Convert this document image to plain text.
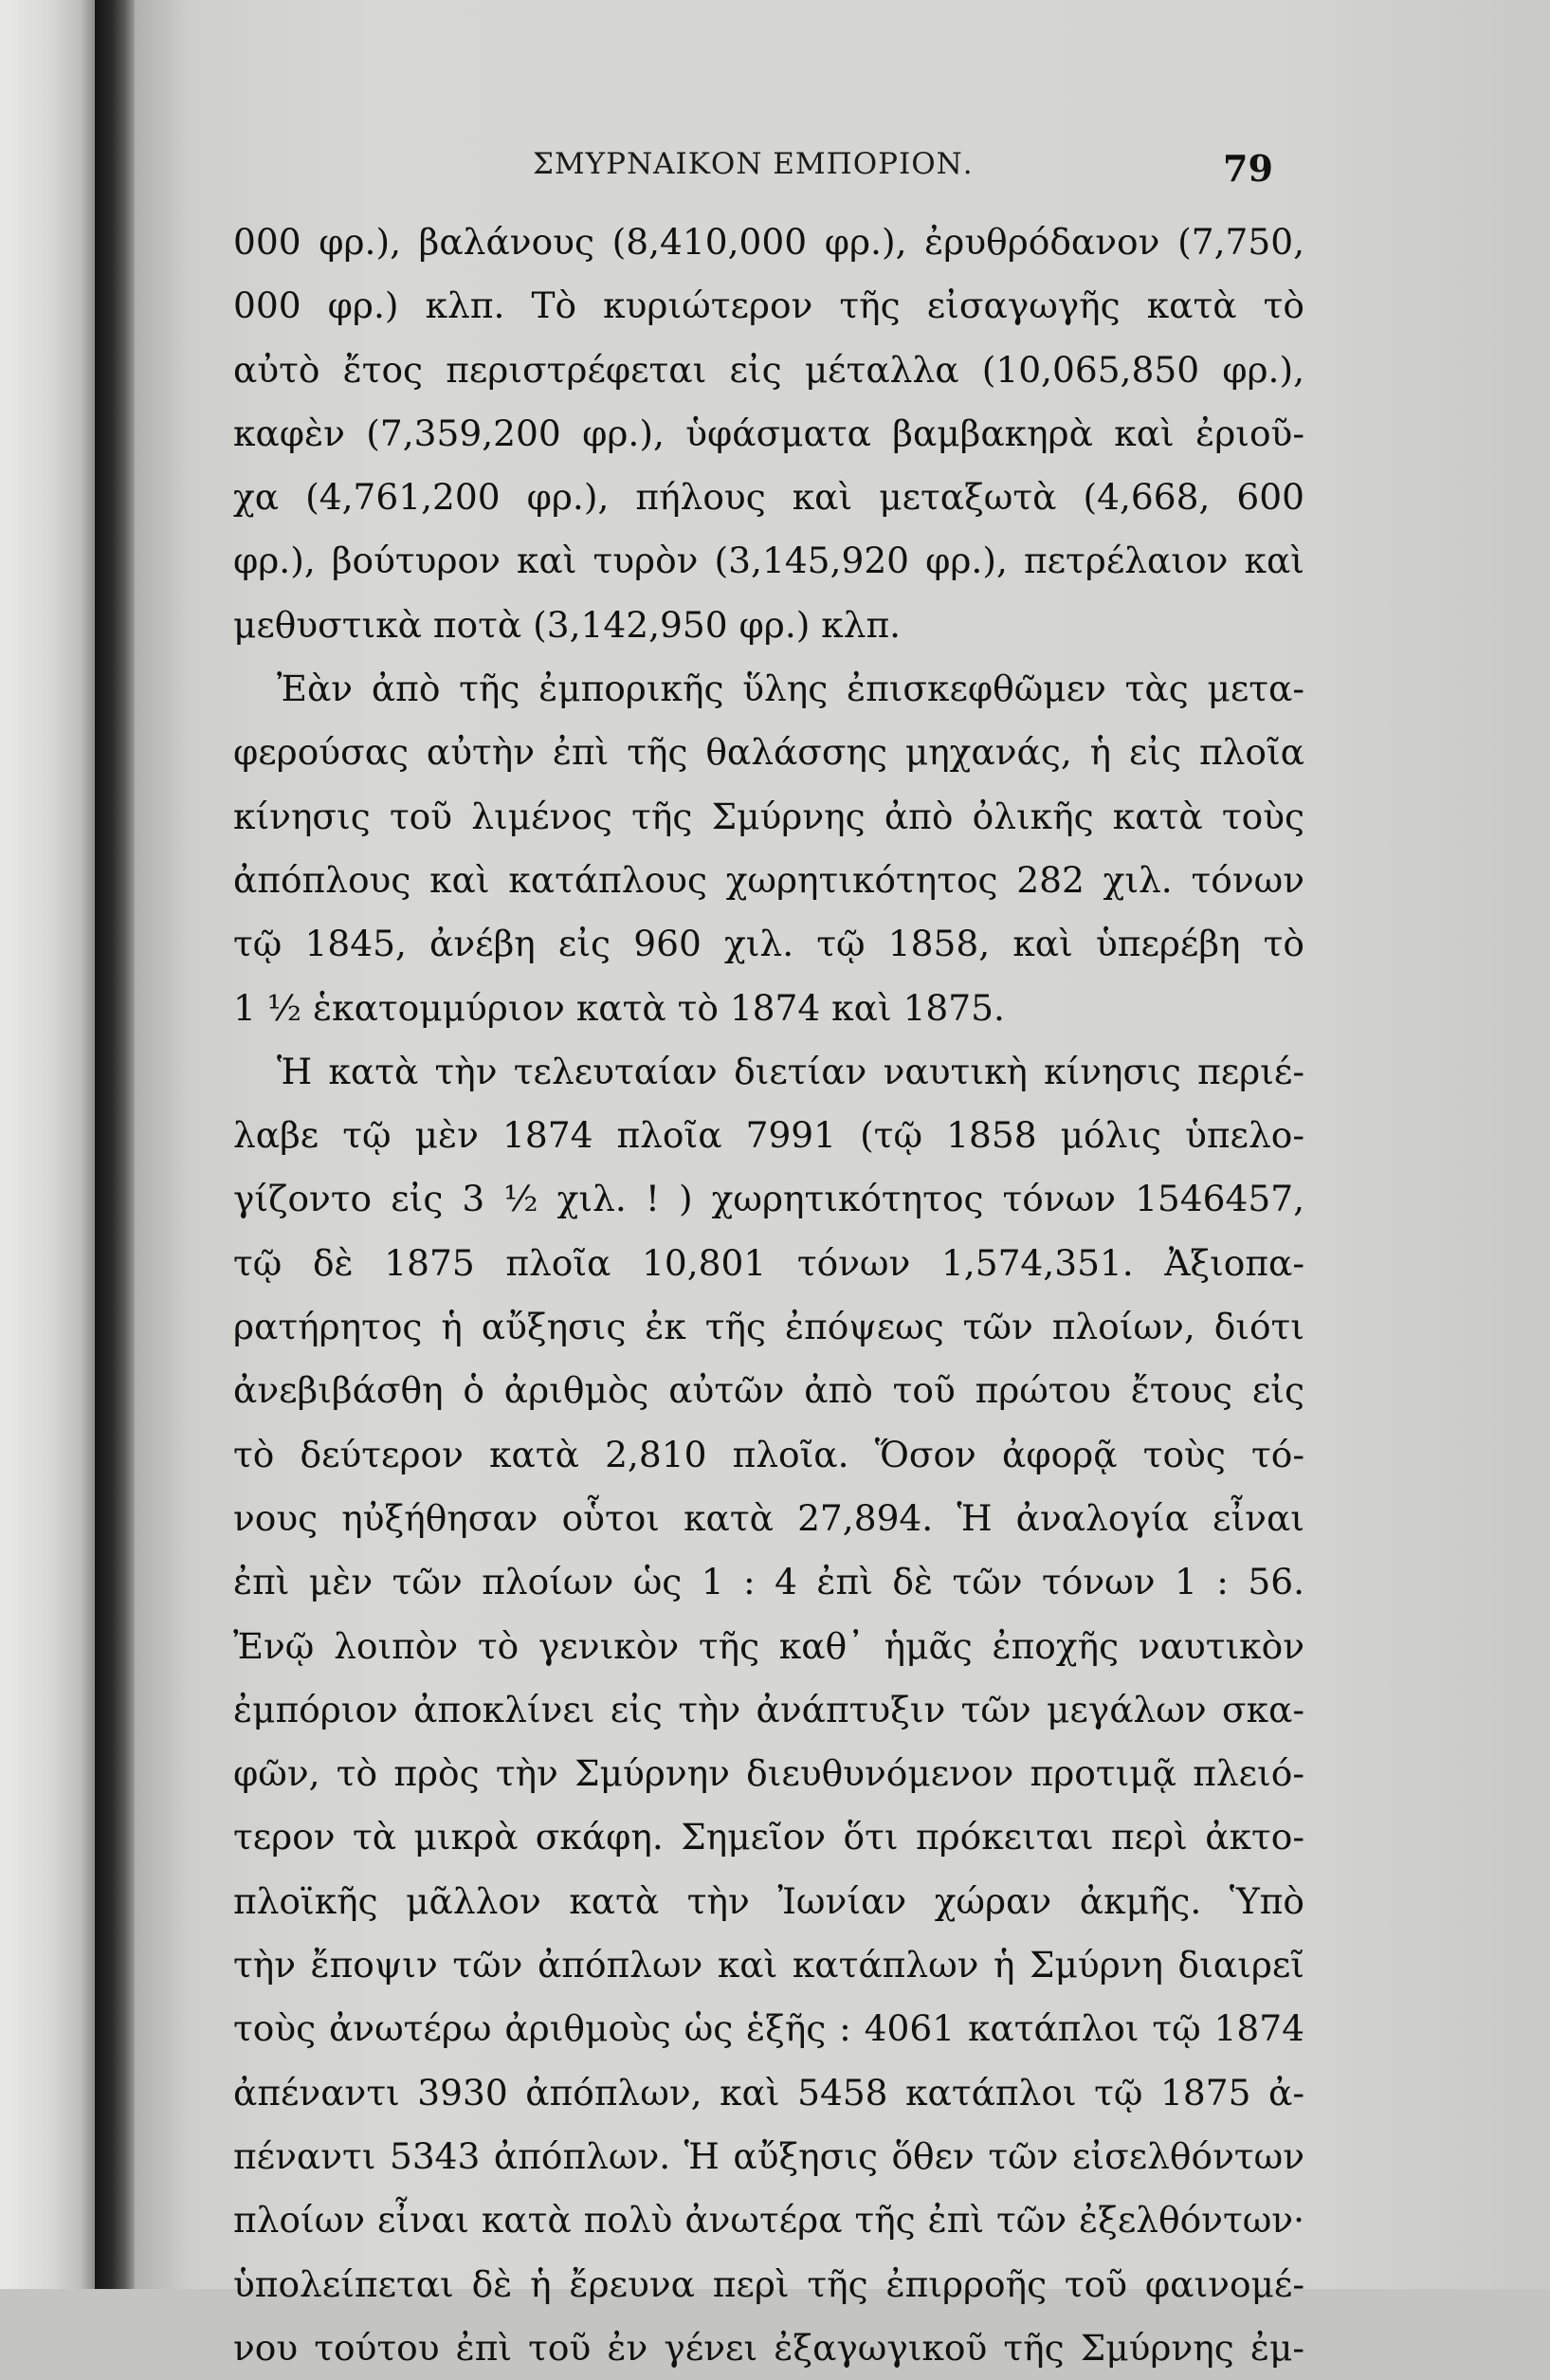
ΣΜΥΡΝΑΙΚΟΝ ΕΜΠΟΡΙΟΝ.	79
000 φρ.), βαλάνους (8,410,000 φρ.), ἐρυθρόδανον (7,750,
000 φρ.) κλπ. Τὸ κυριώτερον τῆς εἰσαγωγῆς κατὰ τὸ
αὐτὸ ἔτος περιστρέφεται εἰς μέταλλα (10,065,850 φρ.),
καφὲν (7,359,200 φρ.), ὑφάσματα βαμβακηρὰ καὶ ἐριοῦ-
χα (4,761,200 φρ.), πήλους καὶ μεταξωτὰ (4,668, 600
φρ.), βούτυρον καὶ τυρὸν (3,145,920 φρ.), πετρέλαιον καὶ
μεθυστικὰ ποτὰ (3,142,950 φρ.) κλπ.
Ἐὰν ἀπὸ τῆς ἐμπορικῆς ὕλης ἐπισκεφθῶμεν τὰς μετα-
φερούσας αὐτὴν ἐπὶ τῆς θαλάσσης μηχανάς, ἡ εἰς πλοῖα
κίνησις τοῦ λιμένος τῆς Σμύρνης ἀπὸ ὀλικῆς κατὰ τοὺς
ἀπόπλους καὶ κατάπλους χωρητικότητος 282 χιλ. τόνων
τῷ 1845, ἀνέβη εἰς 960 χιλ. τῷ 1858, καὶ ὑπερέβη τὸ
1 ½ ἑκατομμύριον κατὰ τὸ 1874 καὶ 1875.
Ἡ κατὰ τὴν τελευταίαν διετίαν ναυτικὴ κίνησις περιέ-
λαβε τῷ μὲν 1874 πλοῖα 7991 (τῷ 1858 μόλις ὑπελο-
γίζοντο εἰς 3 ½ χιλ. ! ) χωρητικότητος τόνων 1546457,
τῷ δὲ 1875 πλοῖα 10,801 τόνων 1,574,351. Ἀξιοπα-
ρατήρητος ἡ αὔξησις ἐκ τῆς ἐπόψεως τῶν πλοίων, διότι
ἀνεβιβάσθη ὁ ἀριθμὸς αὐτῶν ἀπὸ τοῦ πρώτου ἔτους εἰς
τὸ δεύτερον κατὰ 2,810 πλοῖα. Ὅσον ἀφορᾷ τοὺς τό-
νους ηὐξήθησαν οὗτοι κατὰ 27,894. Ἡ ἀναλογία εἶναι
ἐπὶ μὲν τῶν πλοίων ὡς 1 : 4 ἐπὶ δὲ τῶν τόνων 1 : 56.
Ἐνῷ λοιπὸν τὸ γενικὸν τῆς καθ᾽ ἡμᾶς ἐποχῆς ναυτικὸν
ἐμπόριον ἀποκλίνει εἰς τὴν ἀνάπτυξιν τῶν μεγάλων σκα-
φῶν, τὸ πρὸς τὴν Σμύρνην διευθυνόμενον προτιμᾷ πλειό-
τερον τὰ μικρὰ σκάφη. Σημεῖον ὅτι πρόκειται περὶ ἀκτο-
πλοϊκῆς μᾶλλον κατὰ τὴν Ἰωνίαν χώραν ἀκμῆς. Ὑπὸ
τὴν ἔποψιν τῶν ἀπόπλων καὶ κατάπλων ἡ Σμύρνη διαιρεῖ
τοὺς ἀνωτέρω ἀριθμοὺς ὡς ἑξῆς : 4061 κατάπλοι τῷ 1874
ἀπέναντι 3930 ἀπόπλων, καὶ 5458 κατάπλοι τῷ 1875 ἀ-
πέναντι 5343 ἀπόπλων. Ἡ αὔξησις ὅθεν τῶν εἰσελθόντων
πλοίων εἶναι κατὰ πολὺ ἀνωτέρα τῆς ἐπὶ τῶν ἐξελθόντων·
ὑπολείπεται δὲ ἡ ἔρευνα περὶ τῆς ἐπιρροῆς τοῦ φαινομέ-
νου τούτου ἐπὶ τοῦ ἐν γένει ἐξαγωγικοῦ τῆς Σμύρνης ἐμ-
